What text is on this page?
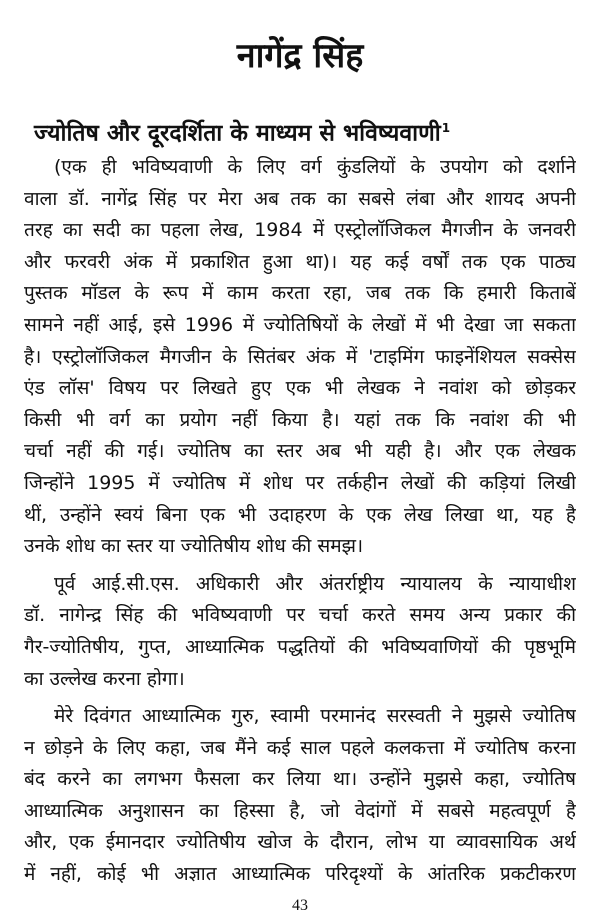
नागेंद्र सिंह
ज्योतिष और दूरदर्शिता के माध्यम से भविष्यवाणी$^1$

(एक ही भविष्यवाणी के लिए वर्ग कुंडलियों के उपयोग को दर्शाने
वाला डॉ. नागेंद्र सिंह पर मेरा अब तक का सबसे लंबा और शायद अपनी
तरह का सदी का पहला लेख, 1984 में एस्ट्रोलॉजिकल मैगजीन के जनवरी
और फरवरी अंक में प्रकाशित हुआ था)। यह कई वर्षों तक एक पाठ्य
पुस्तक मॉडल के रूप में काम करता रहा, जब तक कि हमारी किताबें
सामने नहीं आई, इसे 1996 में ज्योतिषियों के लेखों में भी देखा जा सकता
है। एस्ट्रोलॉजिकल मैगजीन के सितंबर अंक में 'टाइमिंग फाइनेंशियल सक्सेस
एंड लॉस' विषय पर लिखते हुए एक भी लेखक ने नवांश को छोड़कर
किसी भी वर्ग का प्रयोग नहीं किया है। यहां तक कि नवांश की भी
चर्चा नहीं की गई। ज्योतिष का स्तर अब भी यही है। और एक लेखक
जिन्होंने 1995 में ज्योतिष में शोध पर तर्कहीन लेखों की कड़ियां लिखी
थीं, उन्होंने स्वयं बिना एक भी उदाहरण के एक लेख लिखा था, यह है
उनके शोध का स्तर या ज्योतिषीय शोध की समझ।

पूर्व आई.सी.एस. अधिकारी और अंतर्राष्ट्रीय न्यायालय के न्यायाधीश
डॉ. नागेन्द्र सिंह की भविष्यवाणी पर चर्चा करते समय अन्य प्रकार की
गैर-ज्योतिषीय, गुप्त, आध्यात्मिक पद्धतियों की भविष्यवाणियों की पृष्ठभूमि
का उल्लेख करना होगा।

मेरे दिवंगत आध्यात्मिक गुरु, स्वामी परमानंद सरस्वती ने मुझसे ज्योतिष
न छोड़ने के लिए कहा, जब मैंने कई साल पहले कलकत्ता में ज्योतिष करना
बंद करने का लगभग फैसला कर लिया था। उन्होंने मुझसे कहा, ज्योतिष
आध्यात्मिक अनुशासन का हिस्सा है, जो वेदांगों में सबसे महत्वपूर्ण है
और, एक ईमानदार ज्योतिषीय खोज के दौरान, लोभ या व्यावसायिक अर्थ
में नहीं, कोई भी अज्ञात आध्यात्मिक परिदृश्यों के आंतरिक प्रकटीकरण

43
